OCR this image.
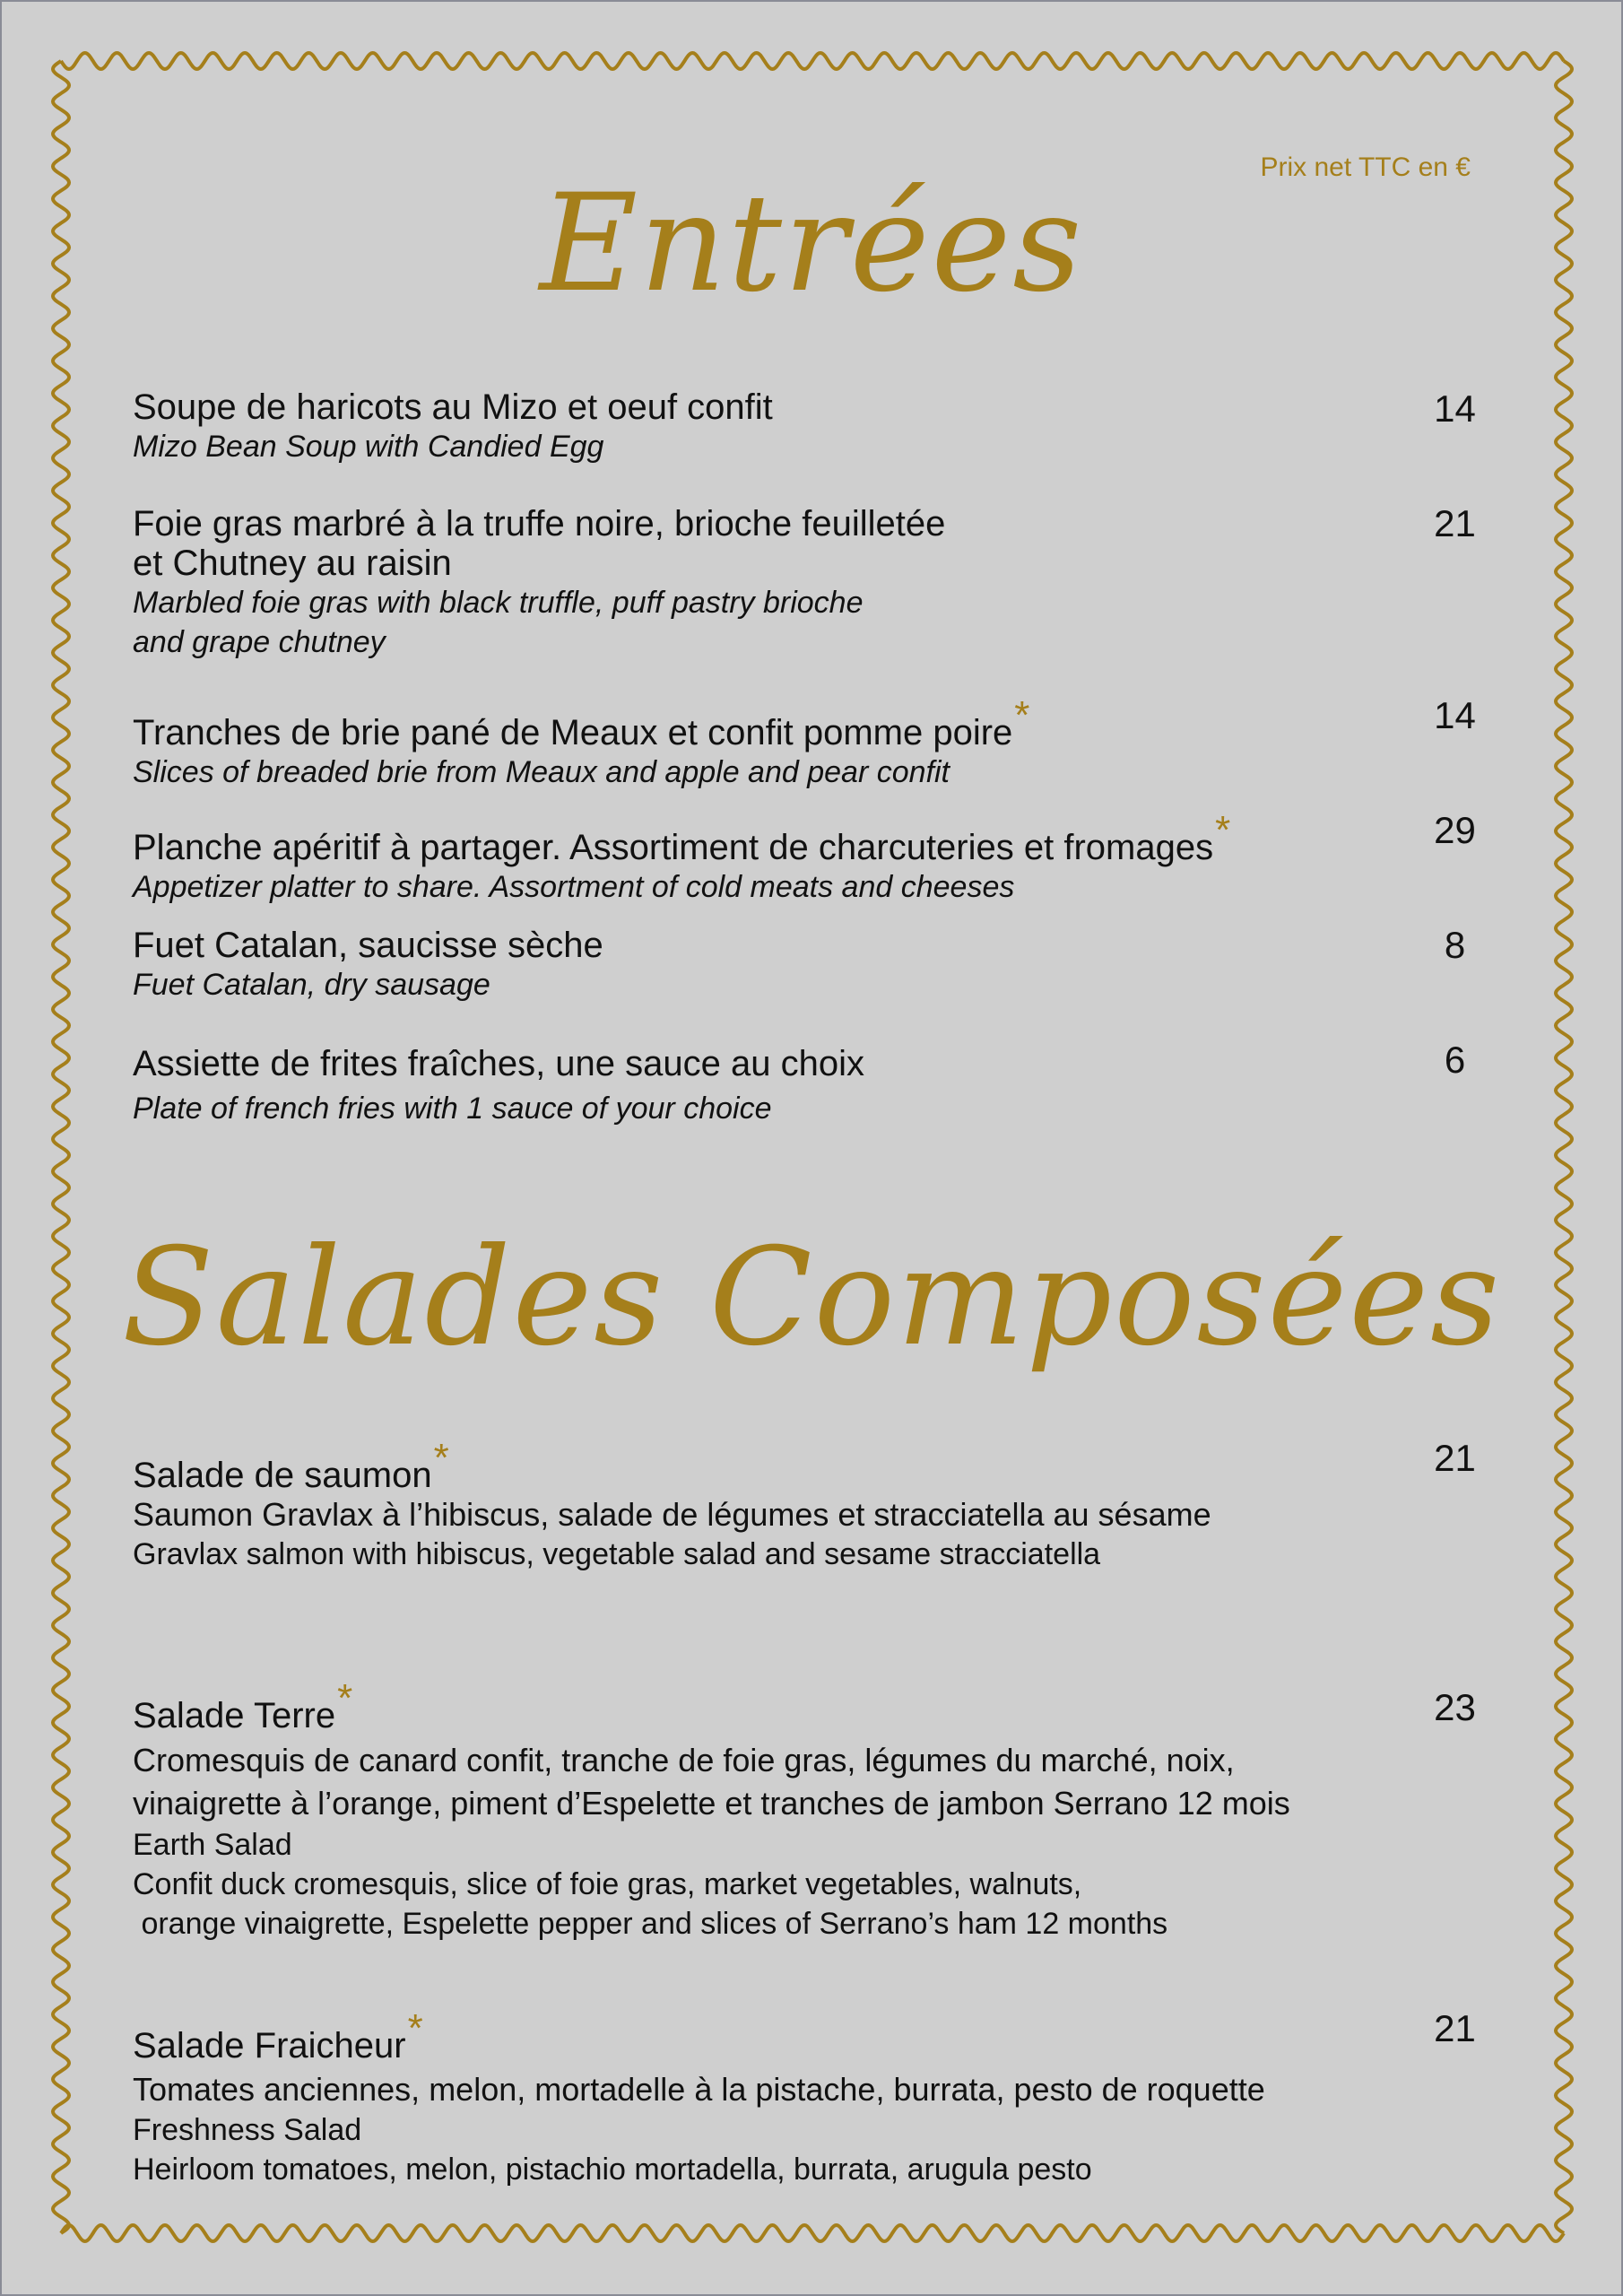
Prix net TTC en €
Entrées
Soupe de haricots au Mizo et oeuf confit
Mizo Bean Soup with Candied Egg
14
Foie gras marbré à la truffe noire, brioche feuilletée
et Chutney au raisin
Marbled foie gras with black truffle, puff pastry brioche
and grape chutney
21
Tranches de brie pané de Meaux et confit pomme poire*
Slices of breaded brie from Meaux and apple and pear confit
14
Planche apéritif à partager. Assortiment de charcuteries et fromages*
Appetizer platter to share. Assortment of cold meats and cheeses
29
Fuet Catalan, saucisse sèche
Fuet Catalan, dry sausage
8
Assiette de frites fraîches, une sauce au choix
Plate of french fries with 1 sauce of your choice
6
Salades Composées
Salade de saumon*
Saumon Gravlax à l’hibiscus, salade de légumes et stracciatella au sésame
Gravlax salmon with hibiscus, vegetable salad and sesame stracciatella
21
Salade Terre*
Cromesquis de canard confit, tranche de foie gras, légumes du marché, noix,
vinaigrette à l’orange, piment d’Espelette et tranches de jambon Serrano 12 mois
Earth Salad
Confit duck cromesquis, slice of foie gras, market vegetables, walnuts,
orange vinaigrette, Espelette pepper and slices of Serrano’s ham 12 months
23
Salade Fraicheur*
Tomates anciennes, melon, mortadelle à la pistache, burrata, pesto de roquette
Freshness Salad
Heirloom tomatoes, melon, pistachio mortadella, burrata, arugula pesto
21
